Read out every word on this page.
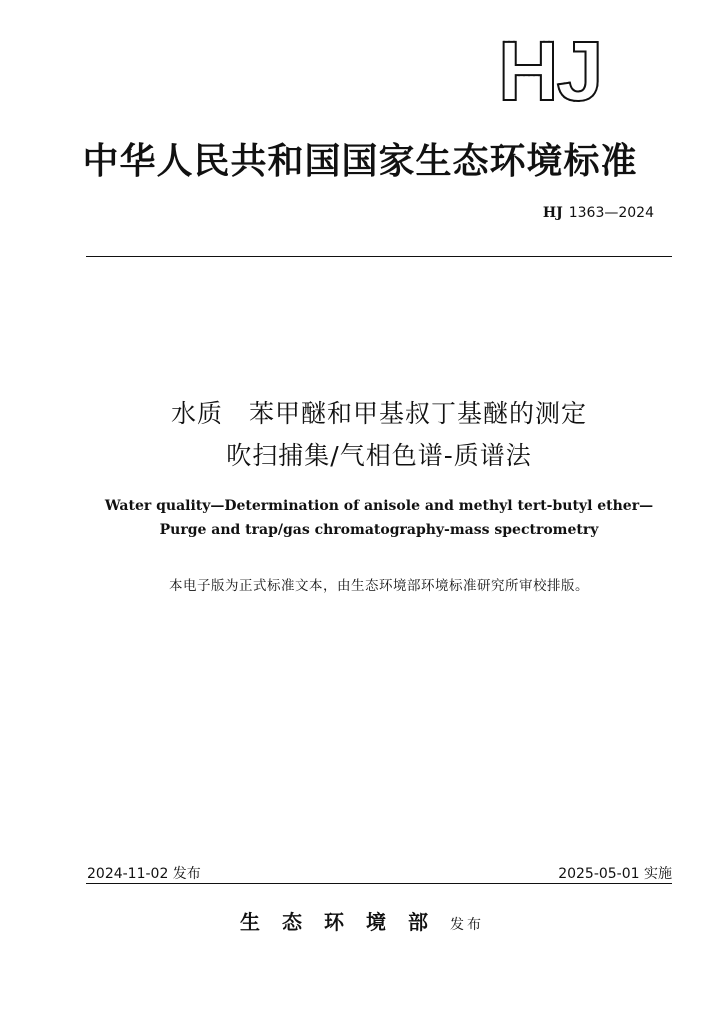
HJ
中华人民共和国国家生态环境标准
HJ 1363—2024
水质　苯甲醚和甲基叔丁基醚的测定
吹扫捕集/气相色谱-质谱法
Water quality—Determination of anisole and methyl tert-butyl ether—
Purge and trap/gas chromatography-mass spectrometry
本电子版为正式标准文本，由生态环境部环境标准研究所审校排版。
2024-11-02 发布	2025-05-01 实施
生态环境部发布
